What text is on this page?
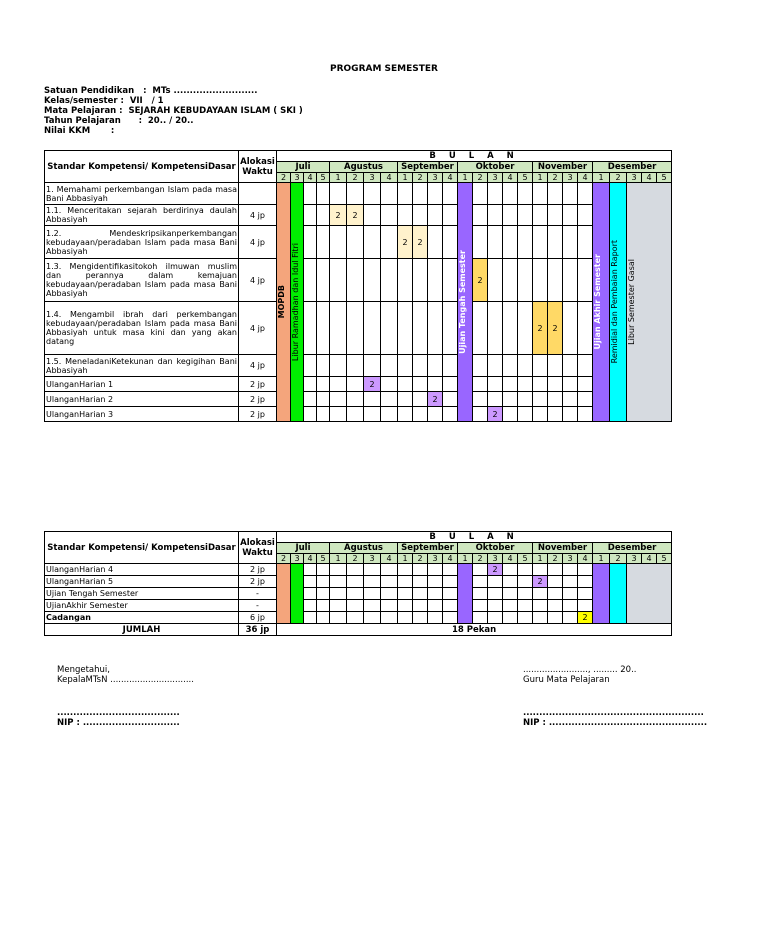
PROGRAM SEMESTER
Satuan Pendidikan   :  MTs ..........................
Kelas/semester :  VII   / 1
Mata Pelajaran :  SEJARAH KEBUDAYAAN ISLAM ( SKI )
Tahun Pelajaran      :  20.. / 20..
Nilai KKM       :
Standar Kompetensi/ KompetensiDasar	Alokasi Waktu	B U L A N																									
		Juli				Agustus				September				Oktober					November				Desember				
		2	3	4	5	1	2	3	4	1	2	3	4	1	2	3	4	5	1	2	3	4	1	2	3	4	5
1. Memahami perkembangan Islam pada masa Bani Abbasiyah		MOPDB	Libur Ramadhan dan Idul Fitri											Ujian Tengah Semester									Ujian Akhir Semester	Remidial dan Pembaian Raport	Libur Semester Gasal		

1.1. Menceritakan sejarah berdirinya daulah Abbasiyah	4 jp					2	2																				
1.2. Mendeskripsikanperkembangan kebudayaan/peradaban Islam pada masa Bani Abbasiyah	4 jp									2	2																
1.3. Mengidentifikasitokoh ilmuwan muslim dan perannya dalam kemajuan kebudayaan/peradaban Islam pada masa Bani Abbasiyah	4 jp														2												
1.4. Mengambil ibrah dari perkembangan kebudayaan/peradaban Islam pada masa Bani Abbasiyah untuk masa kini dan yang akan datang	4 jp																		2	2							
1.5. MeneladaniKetekunan dan kegigihan Bani Abbasiyah	4 jp																										
UlanganHarian 1	2 jp							2																			
UlanganHarian 2	2 jp											2															
UlanganHarian 3	2 jp															2											
Standar Kompetensi/ KompetensiDasar	Alokasi Waktu	B U L A N																									
		Juli				Agustus				September				Oktober					November				Desember				
		2	3	4	5	1	2	3	4	1	2	3	4	1	2	3	4	5	1	2	3	4	1	2	3	4	5
UlanganHarian 4	2 jp															2											
UlanganHarian 5	2 jp																		2								
Ujian Tengah Semester	-																										
UjianAkhir Semester	-																										
Cadangan	6 jp																					2					
JUMLAH	36 jp	18 Pekan																									
Mengetahui,
KepalaMTsN ...............................
......................................
NIP : ..............................
........................, ......... 20..
Guru Mata Pelajaran
........................................................
NIP : .................................................
